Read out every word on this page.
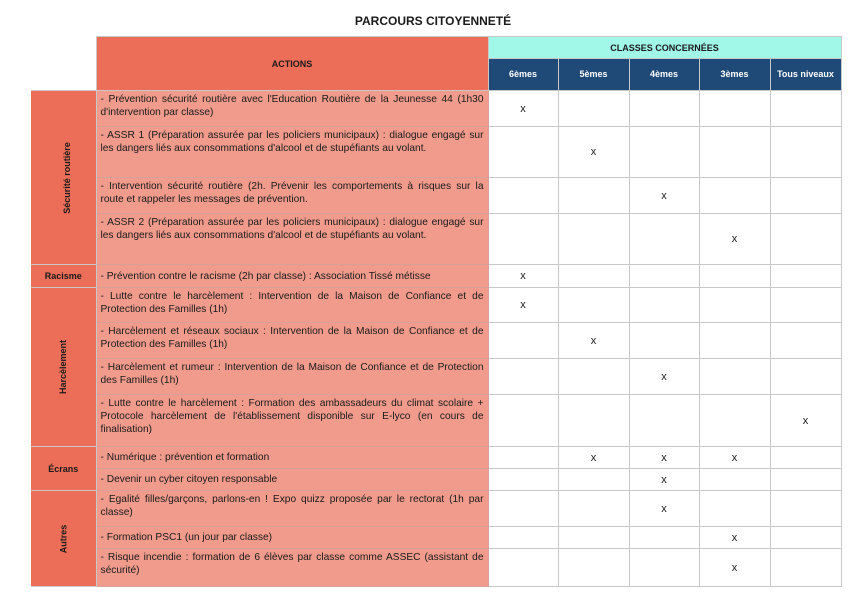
PARCOURS CITOYENNETÉ
	ACTIONS	CLASSES CONCERNÉES				
		6èmes	5èmes	4èmes	3èmes	Tous niveaux
Sécurité routière	- Prévention sécurité routière avec l'Education Routière de la Jeunesse 44 (1h30 d'intervention par classe)	x				
	- ASSR 1 (Préparation assurée par les policiers municipaux) : dialogue engagé sur les dangers liés aux consommations d'alcool et de stupéfiants au volant.		x			
	- Intervention sécurité routière (2h. Prévenir les comportements à risques sur la route et rappeler les messages de prévention.			x		
	- ASSR 2 (Préparation assurée par les policiers municipaux) : dialogue engagé sur les dangers liés aux consommations d'alcool et de stupéfiants au volant.				x	
Racisme	- Prévention contre le racisme (2h par classe) : Association Tissé métisse	x				
Harcèlement	- Lutte contre le harcèlement : Intervention de la Maison de Confiance et de Protection des Familles (1h)	x				
	- Harcèlement et réseaux sociaux : Intervention de la Maison de Confiance et de Protection des Familles (1h)		x			
	- Harcèlement et rumeur : Intervention de la Maison de Confiance et de Protection des Familles (1h)			x		
	- Lutte contre le harcèlement : Formation des ambassadeurs du climat scolaire + Protocole harcèlement de l'établissement disponible sur E-lyco (en cours de finalisation)					x
Écrans	- Numérique : prévention et formation		x	x	x	
	- Devenir un cyber citoyen responsable			x		
Autres	- Egalité filles/garçons, parlons-en ! Expo quizz proposée par le rectorat (1h par classe)			x		
	- Formation PSC1 (un jour par classe)				x	
	- Risque incendie : formation de 6 élèves par classe comme ASSEC (assistant de sécurité)				x	
